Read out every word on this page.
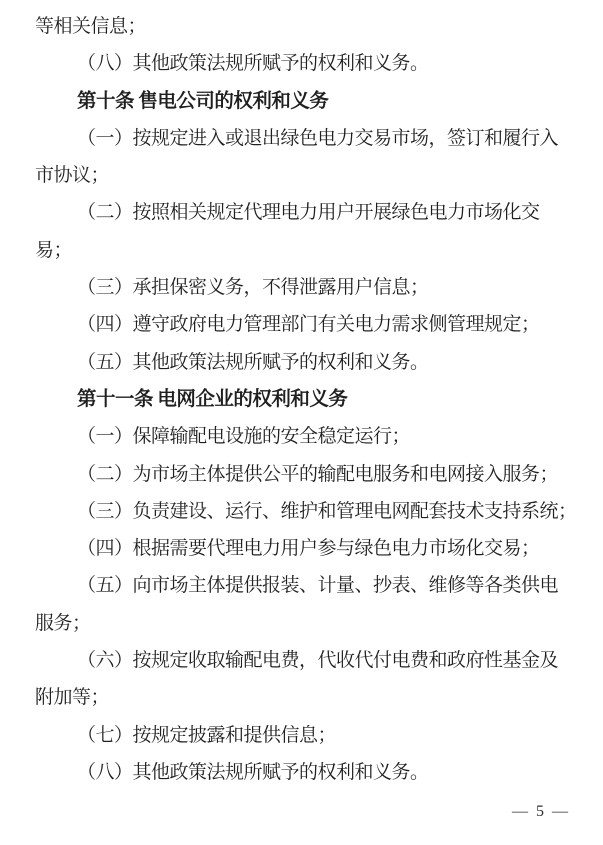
等相关信息；
（八）其他政策法规所赋予的权利和义务。
第十条 售电公司的权利和义务
（一）按规定进入或退出绿色电力交易市场，签订和履行入
市协议；
（二）按照相关规定代理电力用户开展绿色电力市场化交
易；
（三）承担保密义务，不得泄露用户信息；
（四）遵守政府电力管理部门有关电力需求侧管理规定；
（五）其他政策法规所赋予的权利和义务。
第十一条 电网企业的权利和义务
（一）保障输配电设施的安全稳定运行；
（二）为市场主体提供公平的输配电服务和电网接入服务；
（三）负责建设、运行、维护和管理电网配套技术支持系统；
（四）根据需要代理电力用户参与绿色电力市场化交易；
（五）向市场主体提供报装、计量、抄表、维修等各类供电
服务；
（六）按规定收取输配电费，代收代付电费和政府性基金及
附加等；
（七）按规定披露和提供信息；
（八）其他政策法规所赋予的权利和义务。
— 5 —
